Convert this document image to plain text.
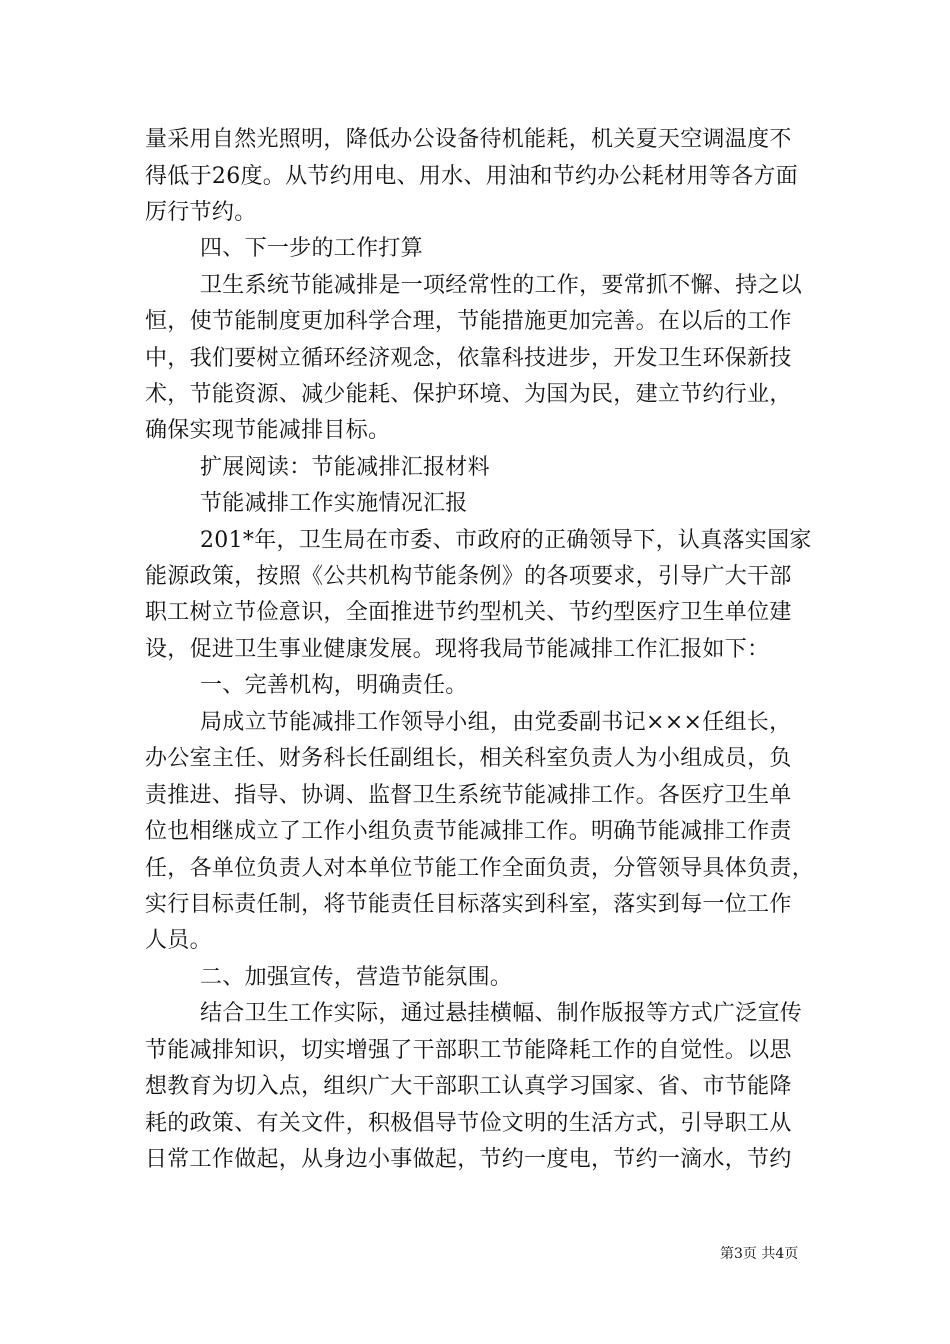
量采用自然光照明，降低办公设备待机能耗，机关夏天空调温度不
得低于26度。从节约用电、用水、用油和节约办公耗材用等各方面
厉行节约。
四、下一步的工作打算
卫生系统节能减排是一项经常性的工作，要常抓不懈、持之以
恒，使节能制度更加科学合理，节能措施更加完善。在以后的工作
中，我们要树立循环经济观念，依靠科技进步，开发卫生环保新技
术，节能资源、减少能耗、保护环境、为国为民，建立节约行业，
确保实现节能减排目标。
扩展阅读：节能减排汇报材料
节能减排工作实施情况汇报
201*年，卫生局在市委、市政府的正确领导下，认真落实国家
能源政策，按照《公共机构节能条例》的各项要求，引导广大干部
职工树立节俭意识，全面推进节约型机关、节约型医疗卫生单位建
设，促进卫生事业健康发展。现将我局节能减排工作汇报如下：
一、完善机构，明确责任。
局成立节能减排工作领导小组，由党委副书记×××任组长，
办公室主任、财务科长任副组长，相关科室负责人为小组成员，负
责推进、指导、协调、监督卫生系统节能减排工作。各医疗卫生单
位也相继成立了工作小组负责节能减排工作。明确节能减排工作责
任，各单位负责人对本单位节能工作全面负责，分管领导具体负责，
实行目标责任制，将节能责任目标落实到科室，落实到每一位工作
人员。
二、加强宣传，营造节能氛围。
结合卫生工作实际，通过悬挂横幅、制作版报等方式广泛宣传
节能减排知识，切实增强了干部职工节能降耗工作的自觉性。以思
想教育为切入点，组织广大干部职工认真学习国家、省、市节能降
耗的政策、有关文件，积极倡导节俭文明的生活方式，引导职工从
日常工作做起，从身边小事做起，节约一度电，节约一滴水，节约
第3页 共4页
